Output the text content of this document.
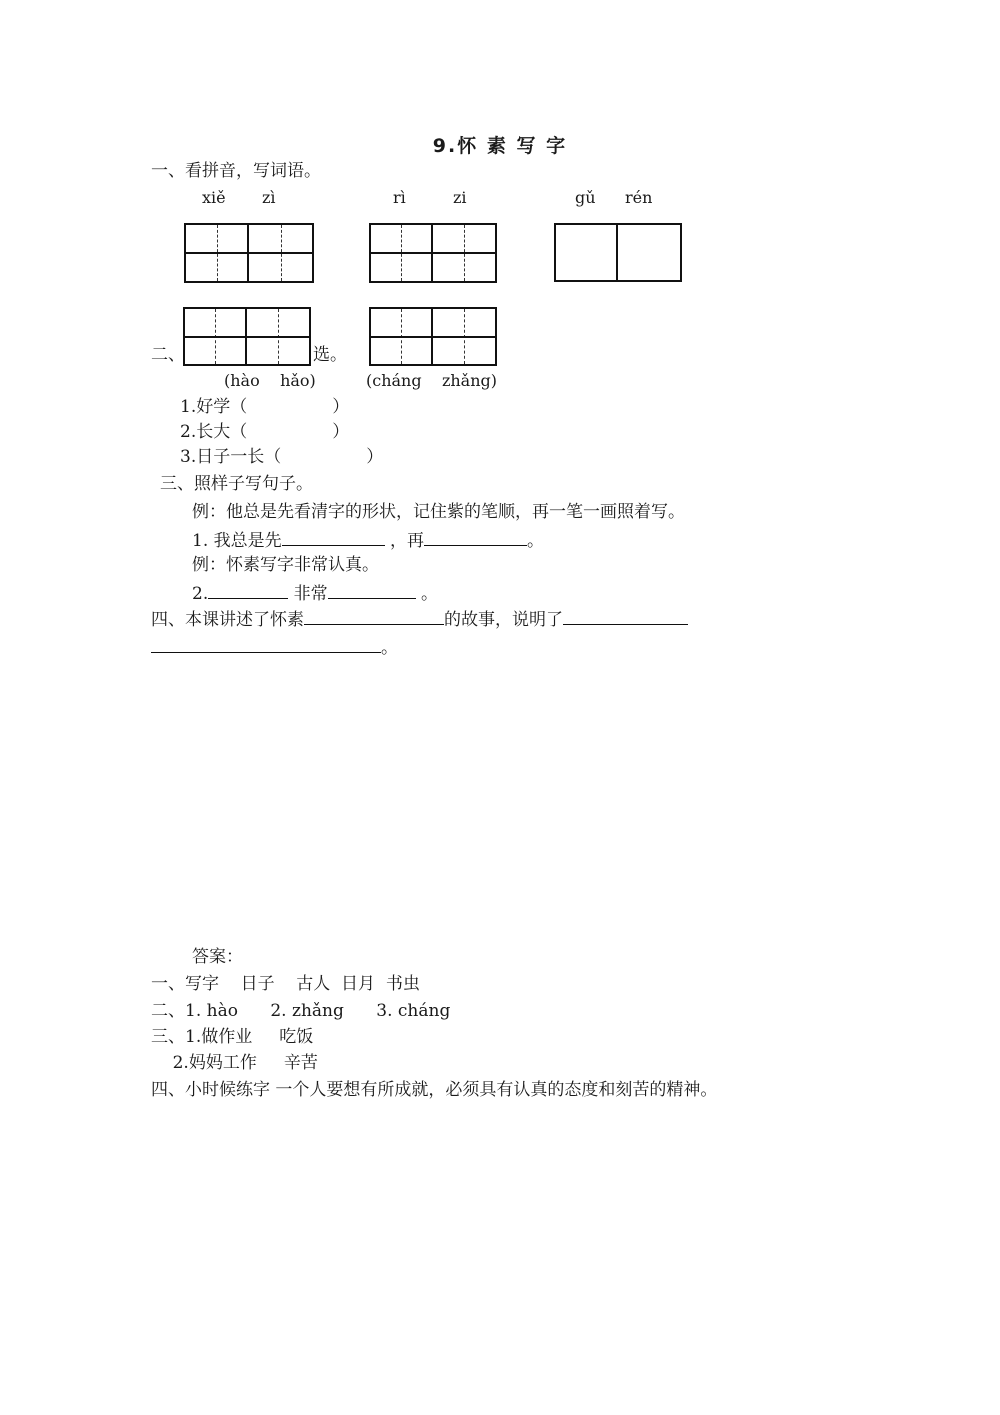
9.怀 素 写 字
一、看拼音，写词语。
xiě zì	rì	zi	gǔ rén
二、	选。
(hào    hǎo)	(cháng    zhǎng)
1.好学（	）
2.长大（	）
3.日子一长（	）
三、照样子写句子。
例：他总是先看清字的形状，记住紫的笔顺，再一笔一画照着写。
1. 我总是先	，再	。
例：怀素写字非常认真。
2.	非常	。
四、本课讲述了怀素	的故事，说明了
。
答案：
一、写字    日子    古人  日月  书虫
二、1. hào      2. zhǎng      3. cháng
三、1.做作业     吃饭
2.妈妈工作     辛苦
四、小时候练字 一个人要想有所成就，必须具有认真的态度和刻苦的精神。
